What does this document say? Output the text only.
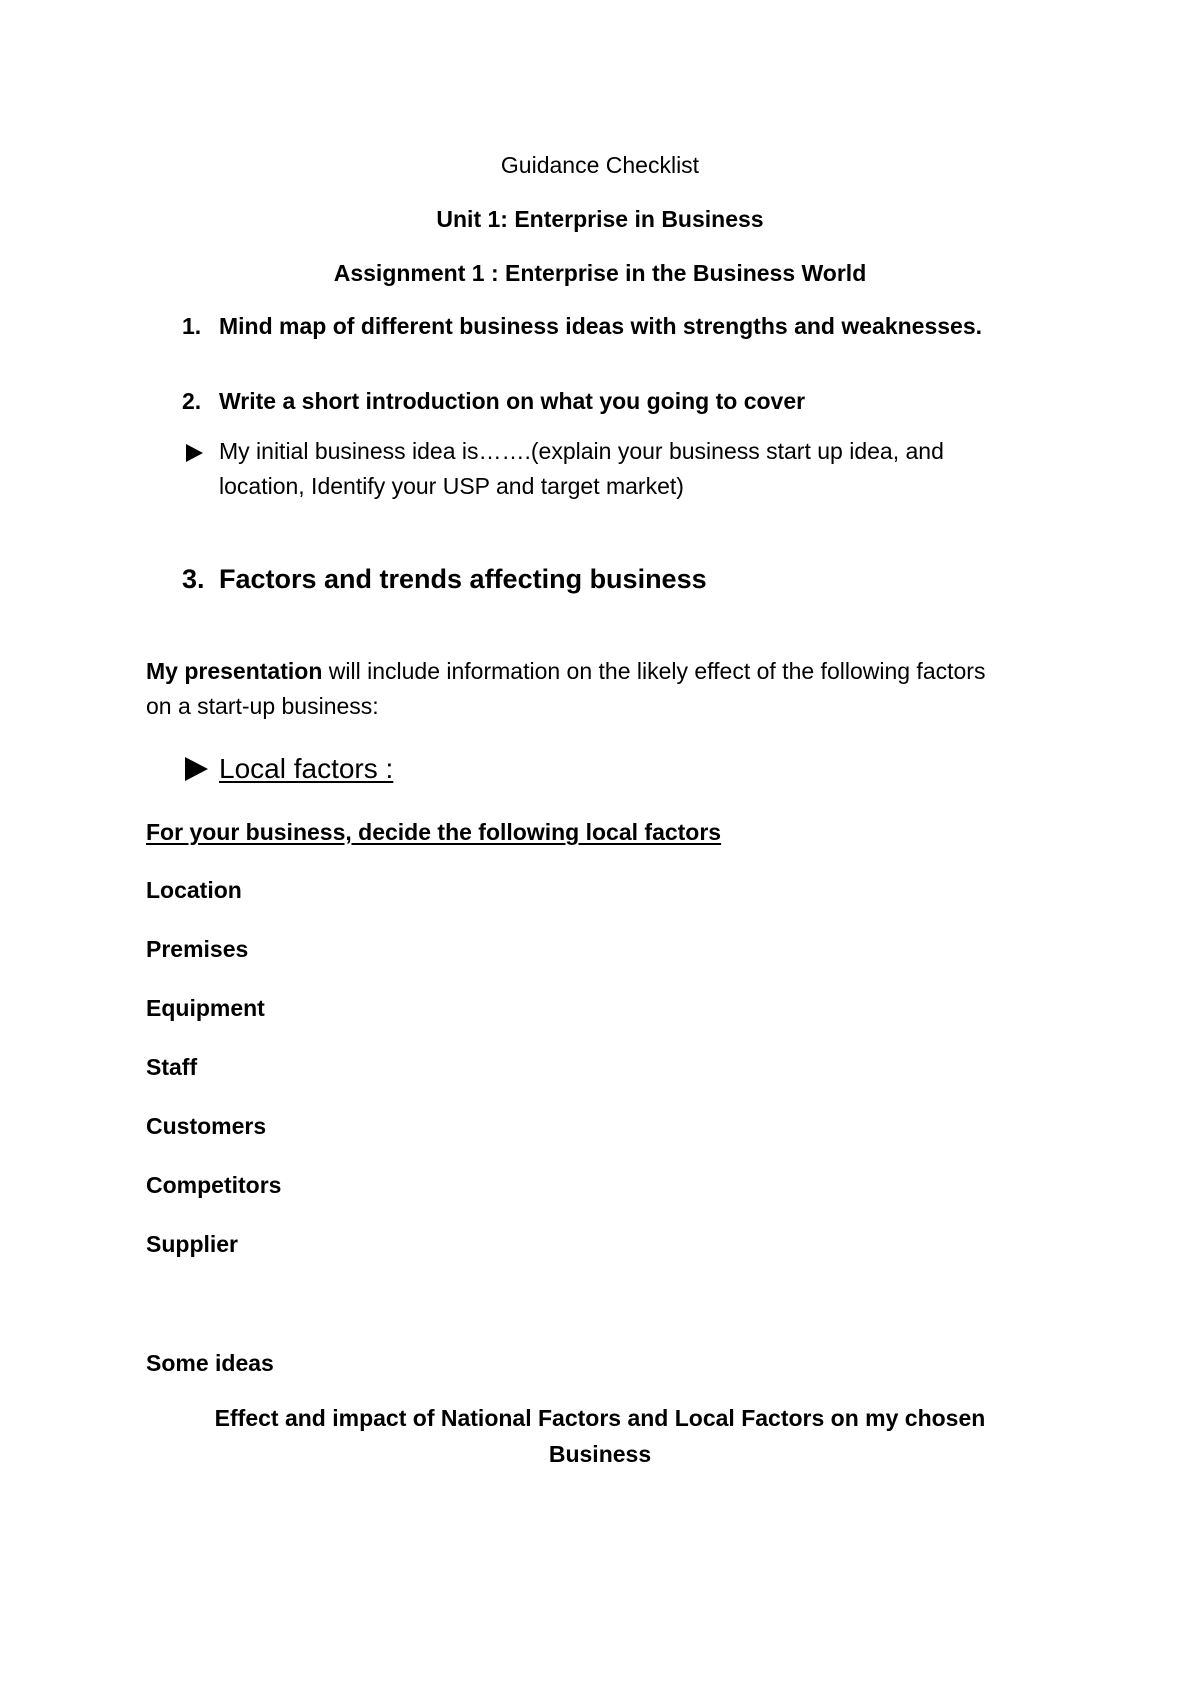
Guidance Checklist
Unit 1: Enterprise in Business
Assignment 1 : Enterprise in the Business World
1. Mind map of different business ideas with strengths and weaknesses.
2. Write a short introduction on what you going to cover
My initial business idea is…….(explain your business start up idea, and
location, Identify your USP and target market)
3. Factors and trends affecting business
My presentation will include information on the likely effect of the following factors
on a start-up business:
Local factors :
For your business, decide the following local factors
Location
Premises
Equipment
Staff
Customers
Competitors
Supplier
Some ideas
Effect and impact of National Factors and Local Factors on my chosen
Business
